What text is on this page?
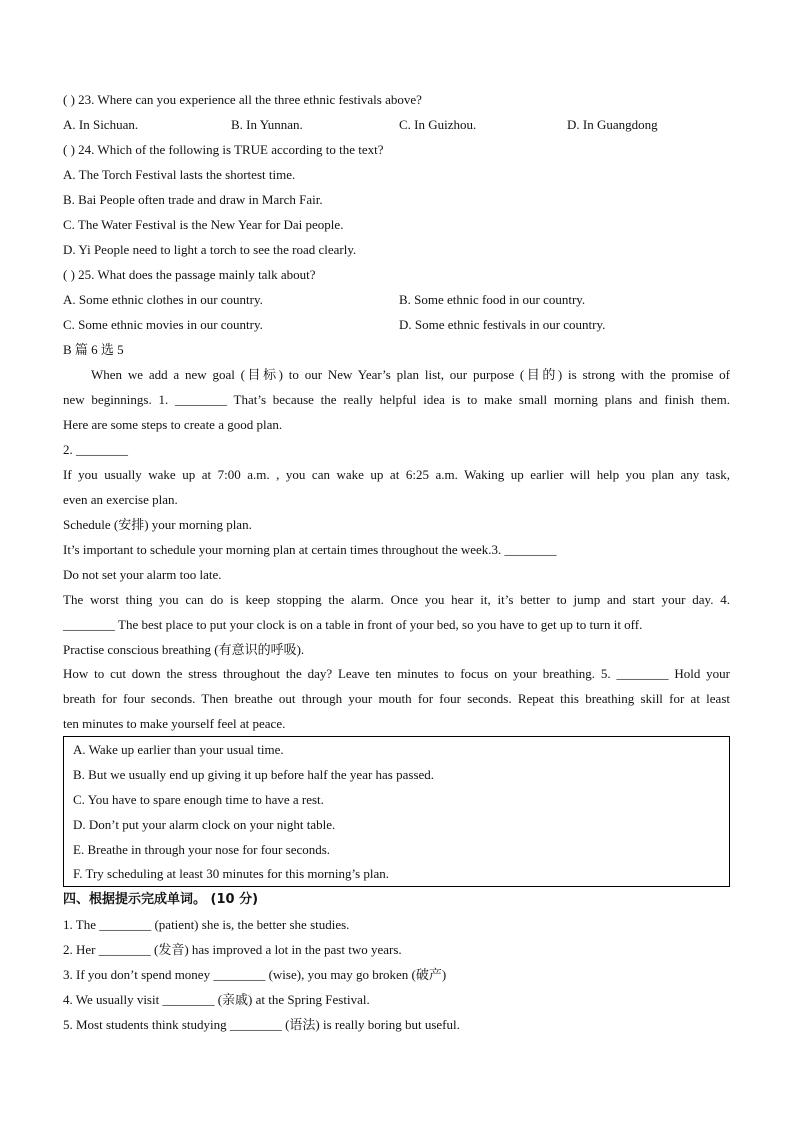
( ) 23. Where can you experience all the three ethnic festivals above?
A. In Sichuan.	B. In Yunnan.	C. In Guizhou.	D. In Guangdong
( ) 24. Which of the following is TRUE according to the text?
A. The Torch Festival lasts the shortest time.
B. Bai People often trade and draw in March Fair.
C. The Water Festival is the New Year for Dai people.
D. Yi People need to light a torch to see the road clearly.
( ) 25. What does the passage mainly talk about?
A. Some ethnic clothes in our country.	B. Some ethnic food in our country.
C. Some ethnic movies in our country.	D. Some ethnic festivals in our country.
B 篇 6 选 5
When we add a new goal (目标) to our New Year’s plan list, our purpose (目的) is strong with the promise of
new beginnings. 1. ________ That’s because the really helpful idea is to make small morning plans and finish them.
Here are some steps to create a good plan.
2. ________
If you usually wake up at 7:00 a.m. , you can wake up at 6:25 a.m. Waking up earlier will help you plan any task,
even an exercise plan.
Schedule (安排) your morning plan.
It’s important to schedule your morning plan at certain times throughout the week.3. ________
Do not set your alarm too late.
The worst thing you can do is keep stopping the alarm. Once you hear it, it’s better to jump and start your day. 4.
________ The best place to put your clock is on a table in front of your bed, so you have to get up to turn it off.
Practise conscious breathing (有意识的呼吸).
How to cut down the stress throughout the day? Leave ten minutes to focus on your breathing. 5. ________ Hold your
breath for four seconds. Then breathe out through your mouth for four seconds. Repeat this breathing skill for at least
ten minutes to make yourself feel at peace.
A. Wake up earlier than your usual time.
B. But we usually end up giving it up before half the year has passed.
C. You have to spare enough time to have a rest.
D. Don’t put your alarm clock on your night table.
E. Breathe in through your nose for four seconds.
F. Try scheduling at least 30 minutes for this morning’s plan.
四、根据提示完成单词。 (10 分)
1. The ________ (patient) she is, the better she studies.
2. Her ________ (发音) has improved a lot in the past two years.
3. If you don’t spend money ________ (wise), you may go broken (破产)
4. We usually visit ________ (亲戚) at the Spring Festival.
5. Most students think studying ________ (语法) is really boring but useful.
